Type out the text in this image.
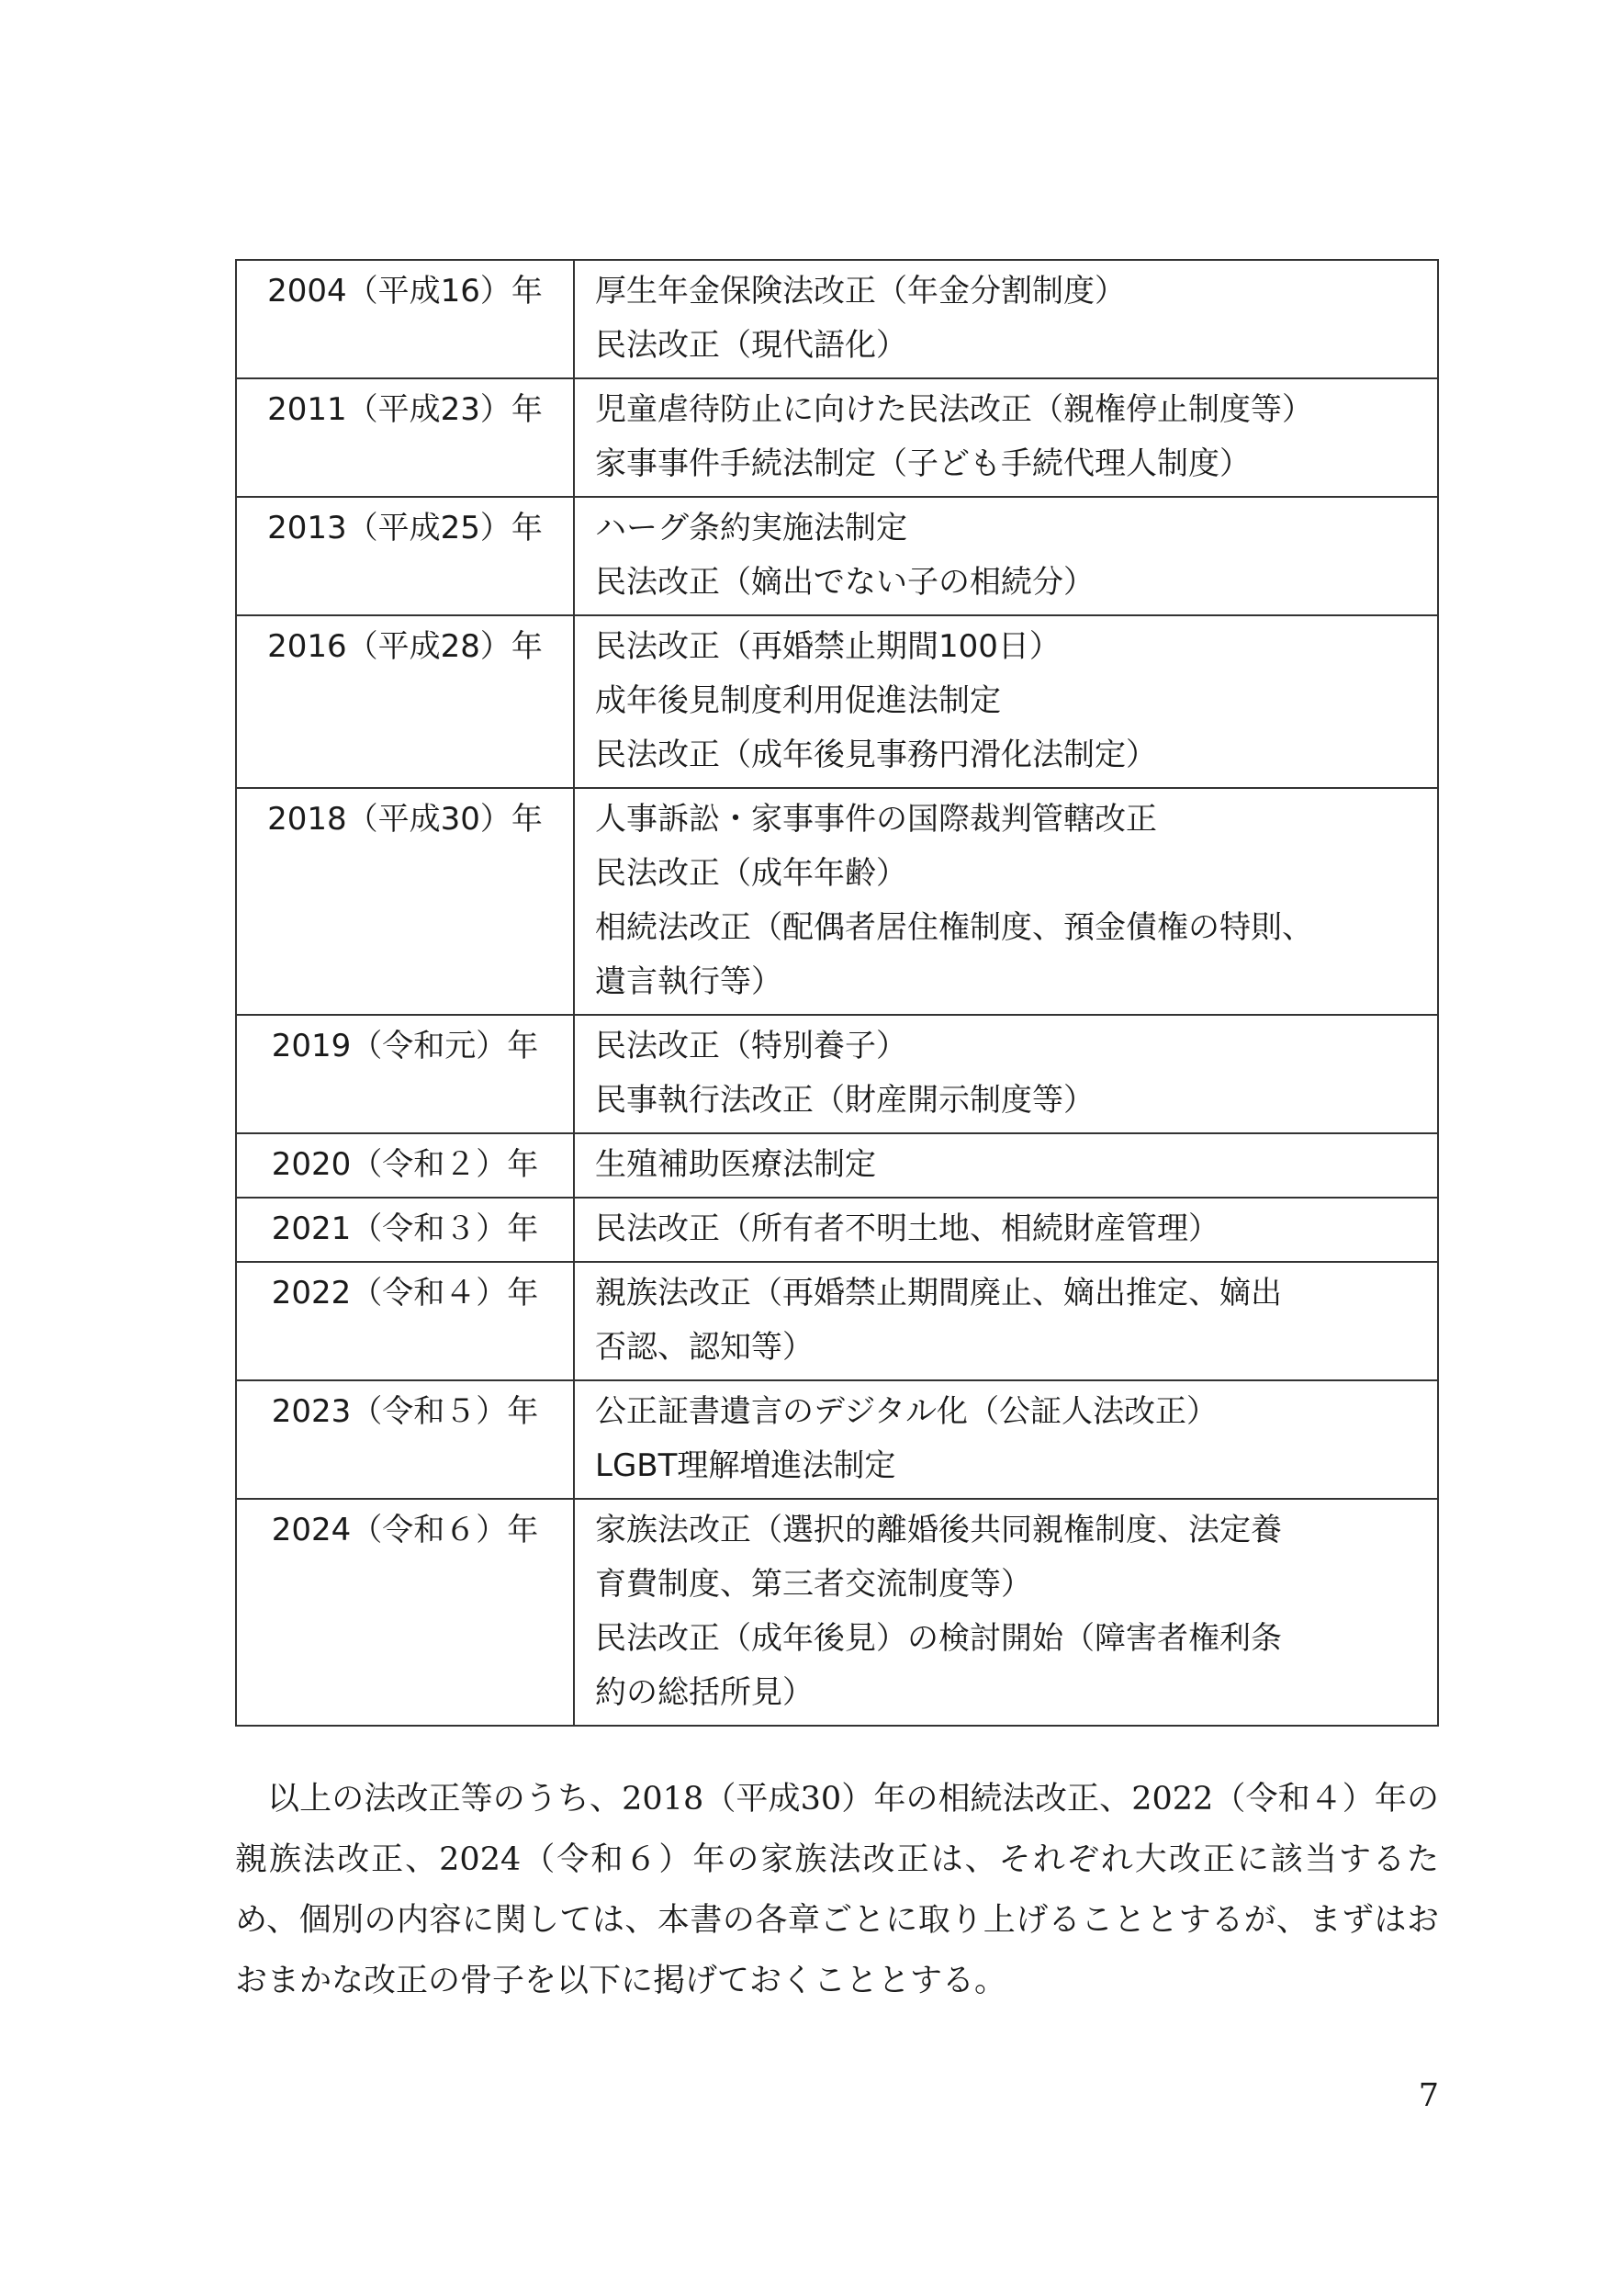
2004（平成16）年	厚生年金保険法改正（年金分割制度）
民法改正（現代語化）

2011（平成23）年	児童虐待防止に向けた民法改正（親権停止制度等）
家事事件手続法制定（子ども手続代理人制度）

2013（平成25）年	ハーグ条約実施法制定
民法改正（嫡出でない子の相続分）

2016（平成28）年	民法改正（再婚禁止期間100日）
成年後見制度利用促進法制定
民法改正（成年後見事務円滑化法制定）

2018（平成30）年	人事訴訟・家事事件の国際裁判管轄改正
民法改正（成年年齢）
相続法改正（配偶者居住権制度、預金債権の特則、
遺言執行等）

2019（令和元）年	民法改正（特別養子）
民事執行法改正（財産開示制度等）

2020（令和２）年	生殖補助医療法制定

2021（令和３）年	民法改正（所有者不明土地、相続財産管理）

2022（令和４）年	親族法改正（再婚禁止期間廃止、嫡出推定、嫡出
否認、認知等）

2023（令和５）年	公正証書遺言のデジタル化（公証人法改正）
LGBT理解増進法制定

2024（令和６）年	家族法改正（選択的離婚後共同親権制度、法定養
育費制度、第三者交流制度等）
民法改正（成年後見）の検討開始（障害者権利条
約の総括所見）

以上の法改正等のうち、2018（平成30）年の相続法改正、2022（令和４）年の親族法改正、2024（令和６）年の家族法改正は、それぞれ大改正に該当するため、個別の内容に関しては、本書の各章ごとに取り上げることとするが、まずはおおまかな改正の骨子を以下に掲げておくこととする。

7
